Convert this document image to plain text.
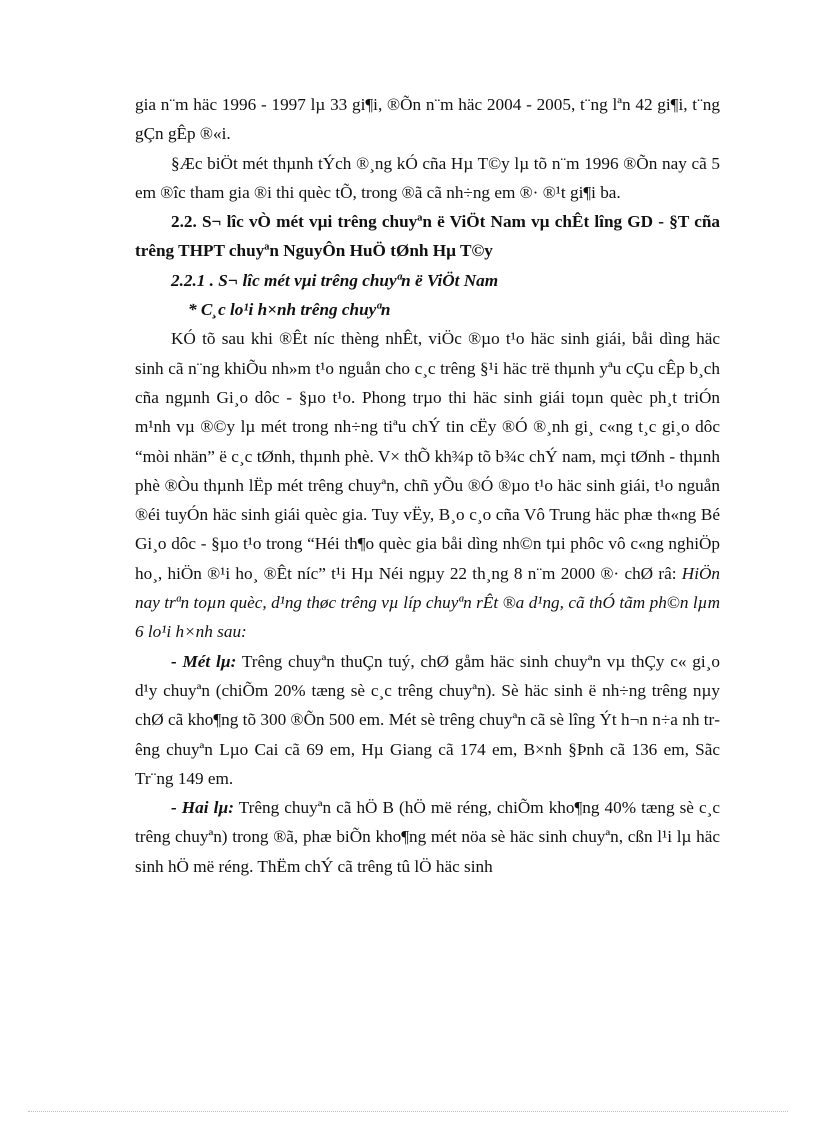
gia n¨m häc 1996 - 1997 lµ 33 gi¶i, ®Õn n¨m häc 2004 - 2005, t¨ng lªn 42 gi¶i, t¨ng gÇn gÊp ®«i.

§Æc biÖt mét thµnh tÝch ®¸ng kÓ cña Hµ T©y lµ tõ n¨m 1996 ®Õn nay cã 5 em ®îc tham gia ®i thi quèc tÕ, trong ®ã cã nh÷ng em ®· ®¹t gi¶i ba.

2.2. S¬ lîc vÒ mét vµi trêng chuyªn ë ViÖt Nam vµ chÊt lîng GD - §T cña trêng THPT chuyªn NguyÔn HuÖ tØnh Hµ T©y

2.2.1 . S¬ lîc mét vµi trêng chuyªn ë ViÖt Nam

* C¸c lo¹i h×nh trêng chuyªn

KÓ tõ sau khi ®Êt níc thèng nhÊt, viÖc ®µo t¹o häc sinh giái, båi dìng häc sinh cã n¨ng khiÕu nh»m t¹o nguån cho c¸c trêng §¹i häc trë thµnh yªu cÇu cÊp b¸ch cña ngµnh Gi¸o dôc - §µo t¹o. Phong trµo thi häc sinh giái toµn quèc ph¸t triÓn m¹nh vµ ®©y lµ mét trong nh÷ng tiªu chÝ tin cËy ®Ó ®¸nh gi¸ c«ng t¸c gi¸o dôc “mòi nhän” ë c¸c tØnh, thµnh phè. V× thÕ kh¾p tõ b¾c chÝ nam, mçi tØnh - thµnh phè ®Òu thµnh lËp mét trêng chuyªn, chñ yÕu ®Ó ®µo t¹o häc sinh giái, t¹o nguån ®éi tuyÓn häc sinh giái quèc gia. Tuy vËy, B¸o c¸o cña Vô Trung häc phæ th«ng Bé Gi¸o dôc - §µo t¹o trong “Héi th¶o quèc gia båi dìng nh©n tµi phôc vô c«ng nghiÖp ho¸, hiÖn ®¹i ho¸ ®Êt níc” t¹i Hµ Néi ngµy 22 th¸ng 8 n¨m 2000 ®· chØ râ: HiÖn nay trªn toµn quèc, d¹ng thøc trêng vµ líp chuyªn rÊt ®a d¹ng, cã thÓ tãm ph©n lµm 6 lo¹i h×nh sau:

- Mét lµ: Trêng chuyªn thuÇn tuý, chØ gåm häc sinh chuyªn vµ thÇy c« gi¸o d¹y chuyªn (chiÕm 20% tæng sè c¸c trêng chuyªn). Sè häc sinh ë nh÷ng trêng nµy chØ cã kho¶ng tõ 300 ®Õn 500 em. Mét sè trêng chuyªn cã sè lîng Ýt h¬n n÷a nh trêng chuyªn Lµo Cai cã 69 em, Hµ Giang cã 174 em, B×nh §Þnh cã 136 em, Sãc Tr¨ng 149 em.

- Hai lµ: Trêng chuyªn cã hÖ B (hÖ më réng, chiÕm kho¶ng 40% tæng sè c¸c trêng chuyªn) trong ®ã, phæ biÕn kho¶ng mét nöa sè häc sinh chuyªn, cßn l¹i lµ häc sinh hÖ më réng. ThËm chÝ cã trêng tû lÖ häc sinh
